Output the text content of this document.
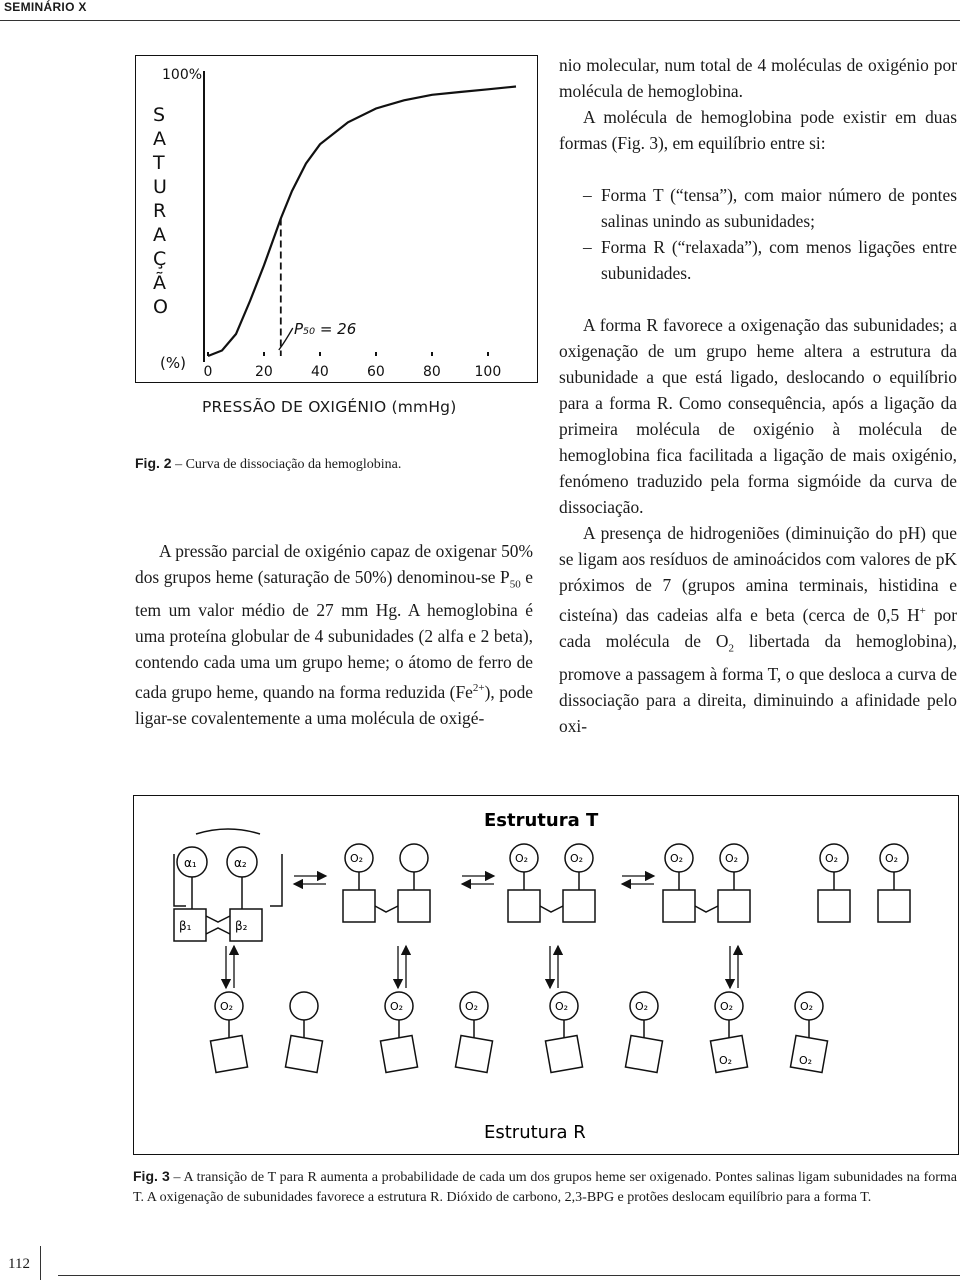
SEMINÁRIO X
S
A
T
U
R
A
Ç
Ã
O
(%)
100%
0	20	40	60	80 100
P₅₀ = 26
PRESSÃO DE OXIGÉNIO (mmHg)
Fig. 2 – Curva de dissociação da hemoglobina.

A pressão parcial de oxigénio capaz de oxigenar 50% dos grupos heme (saturação de 50%) denominou-se $P_{50}$ e tem um valor médio de 27 mm Hg. A hemoglobina é uma proteína globular de 4 subunidades (2 alfa e 2 beta), contendo cada uma um grupo heme; o átomo de ferro de cada grupo heme, quando na forma reduzida $(Fe^{2+})$, pode ligar-se covalentemente a uma molécula de oxigé-

nio molecular, num total de 4 moléculas de oxigénio por molécula de hemoglobina.

A molécula de hemoglobina pode existir em duas formas (Fig. 3), em equilíbrio entre si:

– Forma T (“tensa”), com maior número de pontes salinas unindo as subunidades;
– Forma R (“relaxada”), com menos ligações entre subunidades.

A forma R favorece a oxigenação das subunidades; a oxigenação de um grupo heme altera a estrutura da subunidade a que está ligado, deslocando o equilíbrio para a forma R. Como consequência, após a ligação da primeira molécula de oxigénio à molécula de hemoglobina fica facilitada a ligação de mais oxigénio, fenómeno traduzido pela forma sigmóide da curva de dissociação.

A presença de hidrogeniões (diminuição do pH) que se ligam aos resíduos de aminoácidos com valores de pK próximos de 7 (grupos amina terminais, histidina e cisteína) das cadeias alfa e beta (cerca de 0,5 H+ por cada molécula de $O_2$ libertada da hemoglobina), promove a passagem à forma T, o que desloca a curva de dissociação para a direita, diminuindo a afinidade pelo oxi-

Estrutura T
Estrutura R
α₁	α₂
β₁	β₂
O₂	O₂	O₂	O₂	O₂
O₂	O₂	O₂	O₂	O₂	O₂
O₂
O₂
O₂
O₂	O₂
Fig. 3 – A transição de T para R aumenta a probabilidade de cada um dos grupos heme ser oxigenado. Pontes salinas ligam subunidades na forma T. A oxigenação de subunidades favorece a estrutura R. Dióxido de carbono, 2,3-BPG e protões deslocam equilíbrio para a forma T.
112
